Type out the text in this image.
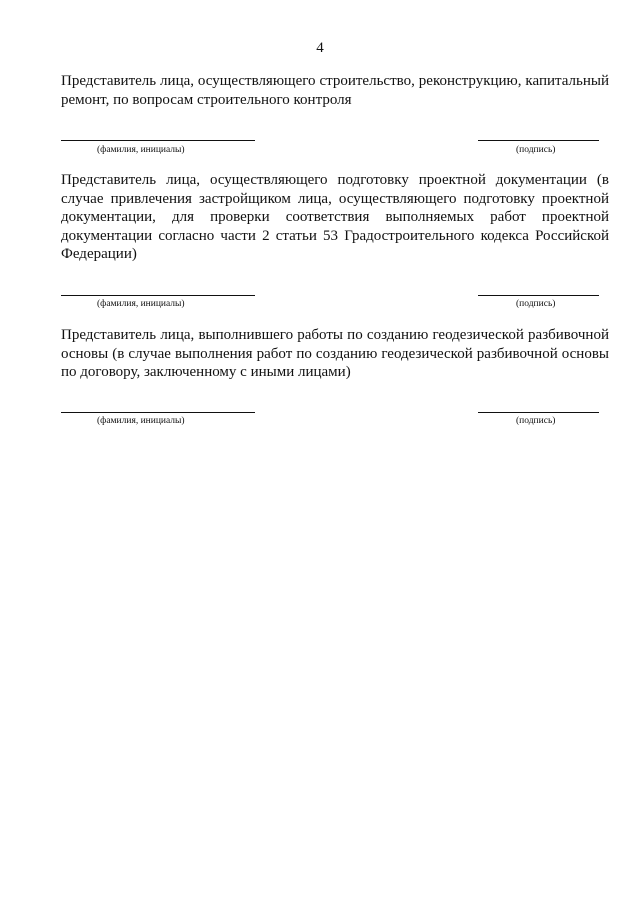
4

Представитель лица, осуществляющего строительство, реконструкцию, капитальный ремонт, по вопросам строительного контроля

(фамилия, инициалы)	(подпись)

Представитель лица, осуществляющего подготовку проектной документации (в случае привлечения застройщиком лица, осуществляющего подготовку проектной документации, для проверки соответствия выполняемых работ проектной документации согласно части 2 статьи 53 Градостроительного кодекса Российской Федерации)

(фамилия, инициалы)	(подпись)

Представитель лица, выполнившего работы по созданию геодезической разбивочной основы (в случае выполнения работ по созданию геодезической разбивочной основы по договору, заключенному с иными лицами)

(фамилия, инициалы)	(подпись)
